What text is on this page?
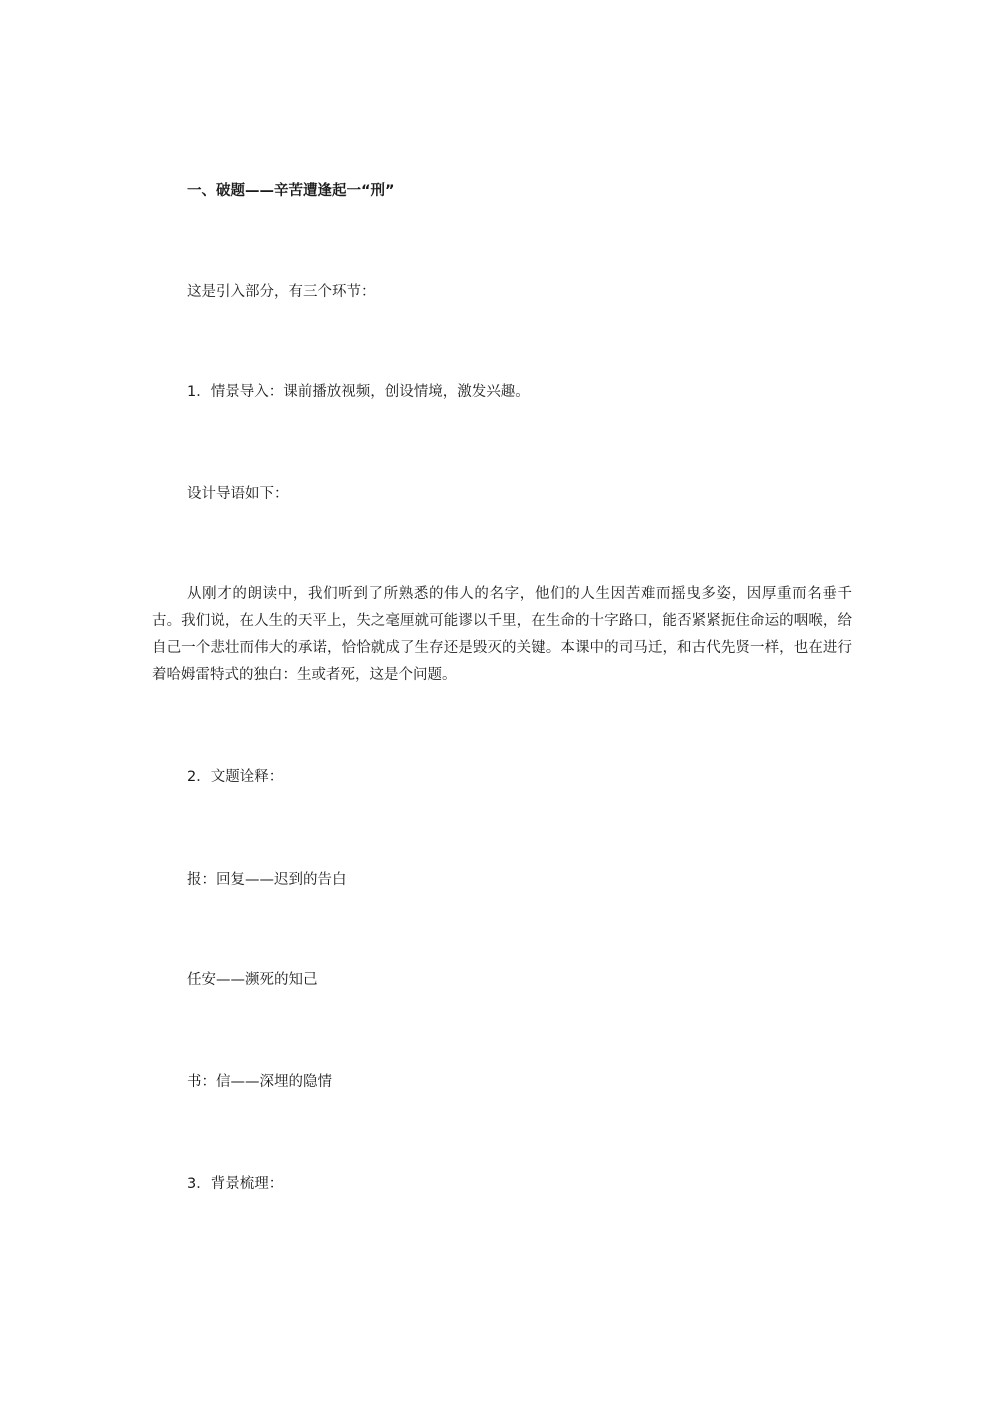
一、破题——辛苦遭逢起一“刑”
这是引入部分，有三个环节：
1．情景导入：课前播放视频，创设情境，激发兴趣。
设计导语如下：
从刚才的朗读中，我们听到了所熟悉的伟人的名字，他们的人生因苦难而摇曳多姿，因厚重而名垂千古。我们说，在人生的天平上，失之毫厘就可能谬以千里，在生命的十字路口，能否紧紧扼住命运的咽喉，给自己一个悲壮而伟大的承诺，恰恰就成了生存还是毁灭的关键。本课中的司马迁，和古代先贤一样，也在进行着哈姆雷特式的独白：生或者死，这是个问题。
2．文题诠释：
报：回复——迟到的告白
任安——濒死的知己
书：信——深埋的隐情
3．背景梳理：
